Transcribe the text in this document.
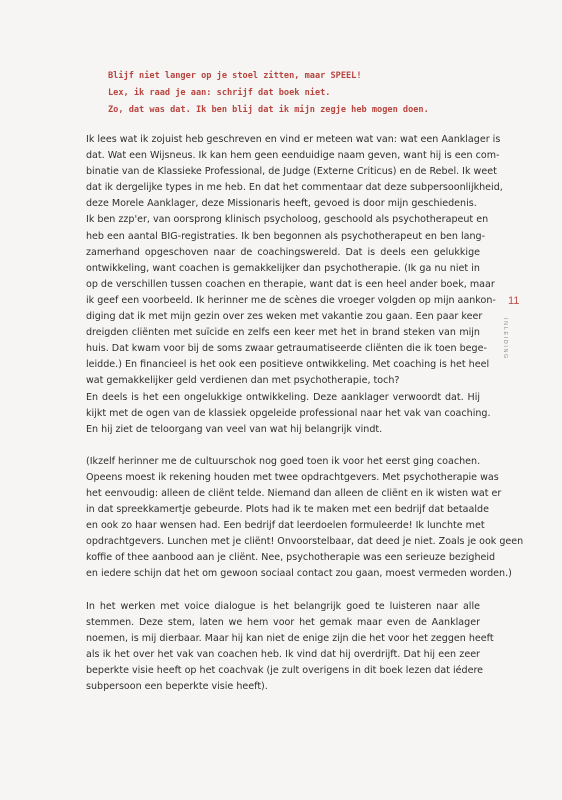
Blijf niet langer op je stoel zitten, maar SPEEL!
Lex, ik raad je aan: schrijf dat boek niet.
Zo, dat was dat. Ik ben blij dat ik mijn zegje heb mogen doen.
11
INLEIDING

Ik lees wat ik zojuist heb geschreven en vind er meteen wat van: wat een Aanklager is
dat. Wat een Wijsneus. Ik kan hem geen eenduidige naam geven, want hij is een com-
binatie van de Klassieke Professional, de Judge (Externe Criticus) en de Rebel. Ik weet
dat ik dergelijke types in me heb. En dat het commentaar dat deze subpersoonlijkheid,
deze Morele Aanklager, deze Missionaris heeft, gevoed is door mijn geschiedenis.
Ik ben zzp'er, van oorsprong klinisch psycholoog, geschoold als psychotherapeut en
heb een aantal BIG-registraties. Ik ben begonnen als psychotherapeut en ben lang-
zamerhand opgeschoven naar de coachingswereld. Dat is deels een gelukkige
ontwikkeling, want coachen is gemakkelijker dan psychotherapie. (Ik ga nu niet in
op de verschillen tussen coachen en therapie, want dat is een heel ander boek, maar
ik geef een voorbeeld. Ik herinner me de scènes die vroeger volgden op mijn aankon-
diging dat ik met mijn gezin over zes weken met vakantie zou gaan. Een paar keer
dreigden cliënten met suïcide en zelfs een keer met het in brand steken van mijn
huis. Dat kwam voor bij de soms zwaar getraumatiseerde cliënten die ik toen bege-
leidde.) En financieel is het ook een positieve ontwikkeling. Met coaching is het heel
wat gemakkelijker geld verdienen dan met psychotherapie, toch?
En deels is het een ongelukkige ontwikkeling. Deze aanklager verwoordt dat. Hij
kijkt met de ogen van de klassiek opgeleide professional naar het vak van coaching.
En hij ziet de teloorgang van veel van wat hij belangrijk vindt.

(Ikzelf herinner me de cultuurschok nog goed toen ik voor het eerst ging coachen.
Opeens moest ik rekening houden met twee opdrachtgevers. Met psychotherapie was
het eenvoudig: alleen de cliënt telde. Niemand dan alleen de cliënt en ik wisten wat er
in dat spreekkamertje gebeurde. Plots had ik te maken met een bedrijf dat betaalde
en ook zo haar wensen had. Een bedrijf dat leerdoelen formuleerde! Ik lunchte met
opdrachtgevers. Lunchen met je cliënt! Onvoorstelbaar, dat deed je niet. Zoals je ook geen
koffie of thee aanbood aan je cliënt. Nee, psychotherapie was een serieuze bezigheid
en iedere schijn dat het om gewoon sociaal contact zou gaan, moest vermeden worden.)

In het werken met voice dialogue is het belangrijk goed te luisteren naar alle
stemmen. Deze stem, laten we hem voor het gemak maar even de Aanklager
noemen, is mij dierbaar. Maar hij kan niet de enige zijn die het voor het zeggen heeft
als ik het over het vak van coachen heb. Ik vind dat hij overdrijft. Dat hij een zeer
beperkte visie heeft op het coachvak (je zult overigens in dit boek lezen dat iédere
subpersoon een beperkte visie heeft).
